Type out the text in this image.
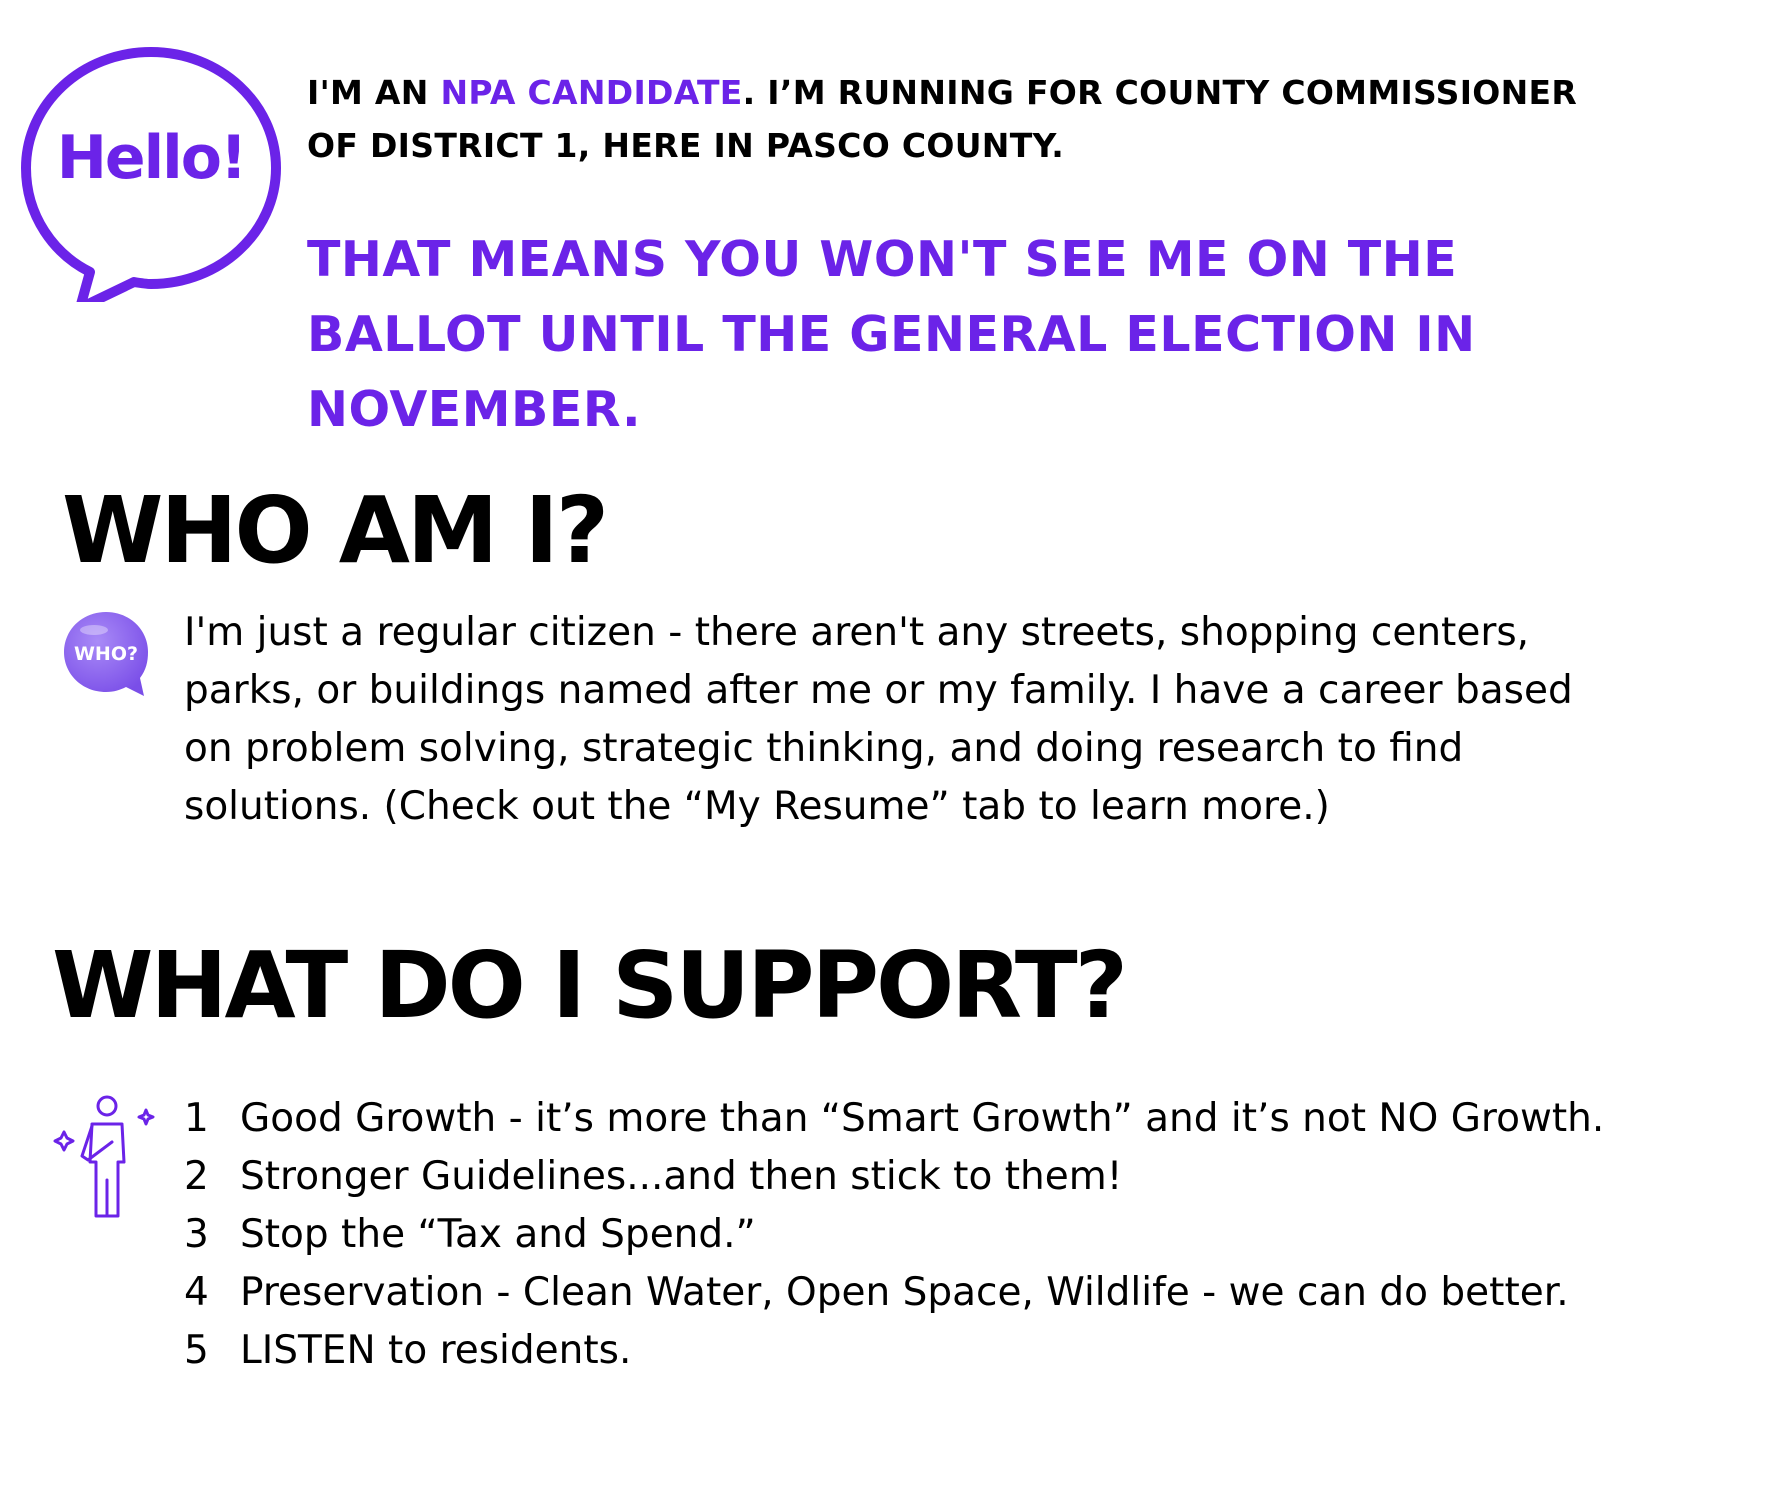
Hello!
I'M AN NPA CANDIDATE. I’M RUNNING FOR COUNTY COMMISSIONER
OF DISTRICT 1, HERE IN PASCO COUNTY.
THAT MEANS YOU WON'T SEE ME ON THE
BALLOT UNTIL THE GENERAL ELECTION IN
NOVEMBER.
WHO AM I?
WHO? I'm just a regular citizen - there aren't any streets, shopping centers,
parks, or buildings named after me or my family. I have a career based
on problem solving, strategic thinking, and doing research to find
solutions. (Check out the “My Resume” tab to learn more.)
WHAT DO I SUPPORT?
1 Good Growth - it’s more than “Smart Growth” and it’s not NO Growth.
2 Stronger Guidelines...and then stick to them!
3 Stop the “Tax and Spend.”
4 Preservation - Clean Water, Open Space, Wildlife - we can do better.
5 LISTEN to residents.
